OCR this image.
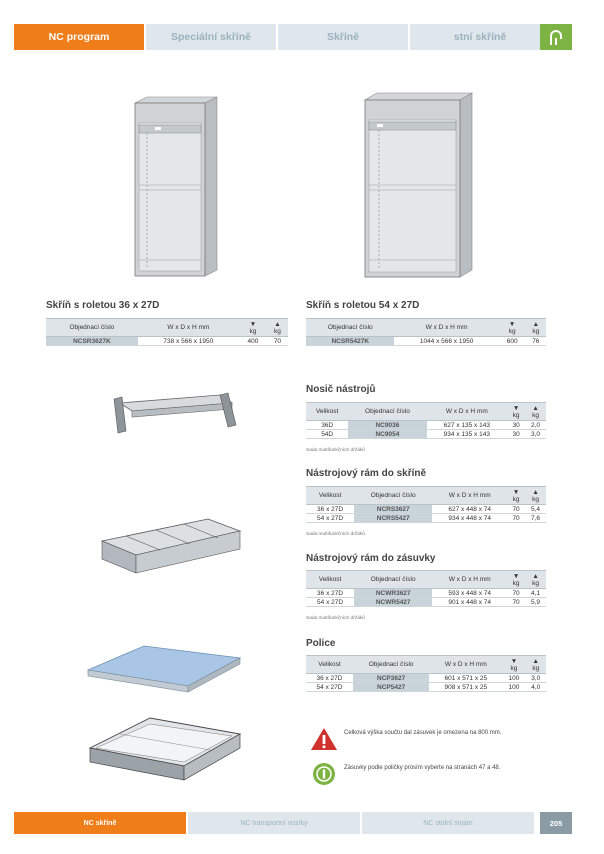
NC program	Speciální skříně	Skříně	stní skříně
Skříň s roletou 36 x 27D
Objednací číslo	W x D x H mm	▼
kg	▲
kg

NCSR3627K	738 x 566 x 1950	400	70
Skříň s roletou 54 x 27D
Objednací číslo	W x D x H mm	▼
kg	▲
kg

NCSR5427K	1044 x 566 x 1950	600	76
Nosič nástrojů
Velikost	Objednací číslo	W x D x H mm	▼
kg	▲
kg

36D	NC9036	627 x 135 x 143	30	2,0
54D	NC9054	934 x 135 x 143	30	3,0
Sada multifunkčních držáků
Nástrojový rám do skříně
Velikost	Objednací číslo	W x D x H mm	▼
kg	▲
kg

36 x 27D	NCRS3627	627 x 448 x 74	70	5,4
54 x 27D	NCRS5427	934 x 448 x 74	70	7,6
Sada multifunkčních držáků
Nástrojový rám do zásuvky
Velikost	Objednací číslo	W x D x H mm	▼
kg	▲
kg

36 x 27D	NCWR3627	593 x 448 x 74	70	4,1
54 x 27D	NCWR5427	901 x 448 x 74	70	5,9
Sada multifunkčních držáků
Police
Velikost	Objednací číslo	W x D x H mm	▼
kg	▲
kg

36 x 27D	NCP3627	601 x 571 x 25	100	3,0
54 x 27D	NCP5427	908 x 571 x 25	100	4,0
Celková výška součtu dal zásuvek je omezena na 800 mm.
Zásuvky podle poličky prosím vyberte na stranách 47 a 48.
NC skříně	NC transportní vozíky	NC stolní stojan	205
